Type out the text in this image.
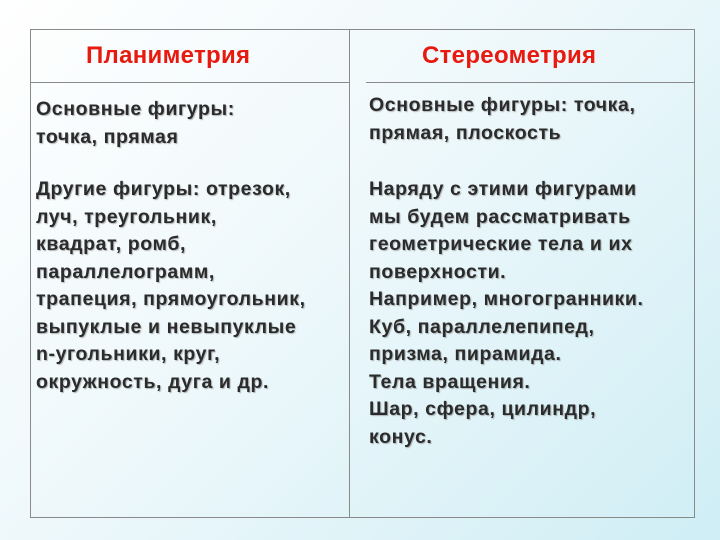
Планиметрия	Стереометрия
Основные фигуры:
точка, прямая
Основные фигуры: точка,
прямая, плоскость
Другие фигуры: отрезок,
луч, треугольник,
квадрат, ромб,
параллелограмм,
трапеция, прямоугольник,
выпуклые и невыпуклые
n-угольники, круг,
окружность, дуга и др.
Наряду с этими фигурами
мы будем рассматривать
геометрические тела и их
поверхности.
Например, многогранники.
Куб, параллелепипед,
призма, пирамида.
Тела вращения.
Шар, сфера, цилиндр,
конус.
